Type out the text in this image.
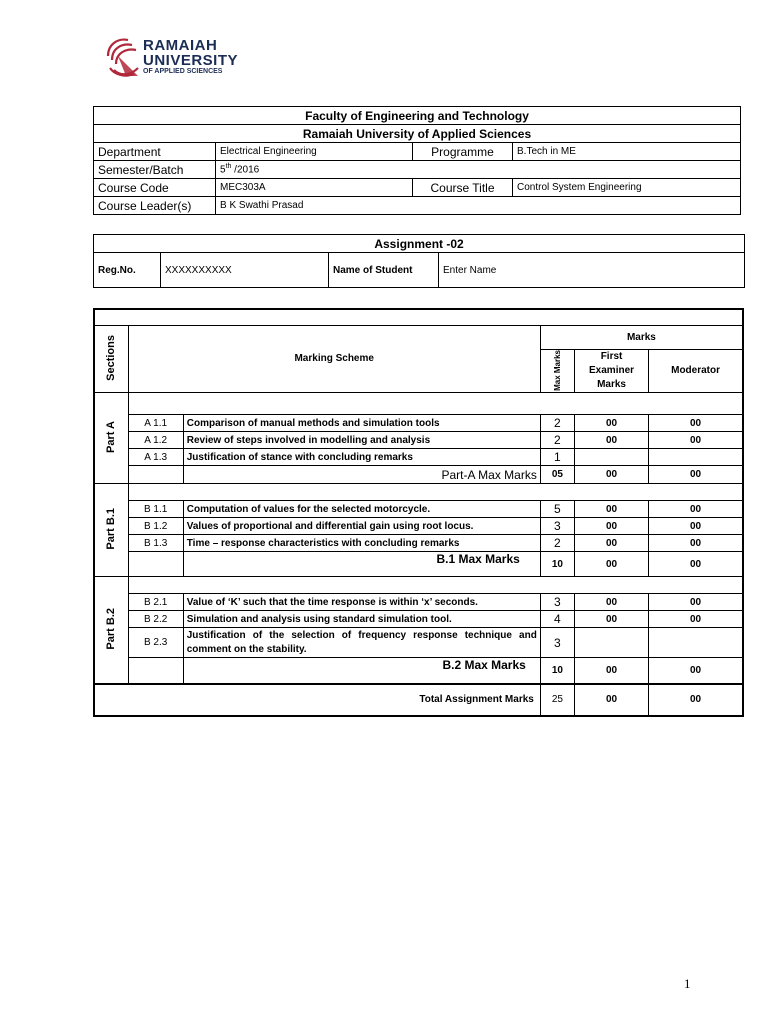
RAMAIAH
UNIVERSITY
OF APPLIED SCIENCES
Faculty of Engineering and Technology			
Ramaiah University of Applied Sciences			
Department	Electrical Engineering	Programme	B.Tech in ME
Semester/Batch	5th /2016		
Course Code	MEC303A	Course Title	Control System Engineering
Course Leader(s)	B K Swathi Prasad		
Assignment -02
Reg.No.	XXXXXXXXXX	Name of Student	Enter Name

Sections	Marking Scheme		Marks		
			Max Marks	First Examiner Marks	Moderator
Part A					
	A 1.1	Comparison of manual methods and simulation tools	2	00	00
	A 1.2	Review of steps involved in modelling and analysis	2	00	00
	A 1.3	Justification of stance with concluding remarks	1		
		Part-A Max Marks	05	00	00
Part B.1					
	B 1.1	Computation of values for the selected motorcycle.	5	00	00
	B 1.2	Values of proportional and differential gain using root locus.	3	00	00
	B 1.3	Time – response characteristics with concluding remarks	2	00	00
		B.1 Max Marks	10	00	00
Part B.2					
	B 2.1	Value of ‘K’ such that the time response is within ‘x’ seconds.	3	00	00
	B 2.2	Simulation and analysis using standard simulation tool.	4	00	00
	B 2.3	Justification of the selection of frequency response technique and comment on the stability.	3		
		B.2 Max Marks	10	00	00
Total Assignment Marks			25	00	00
1
